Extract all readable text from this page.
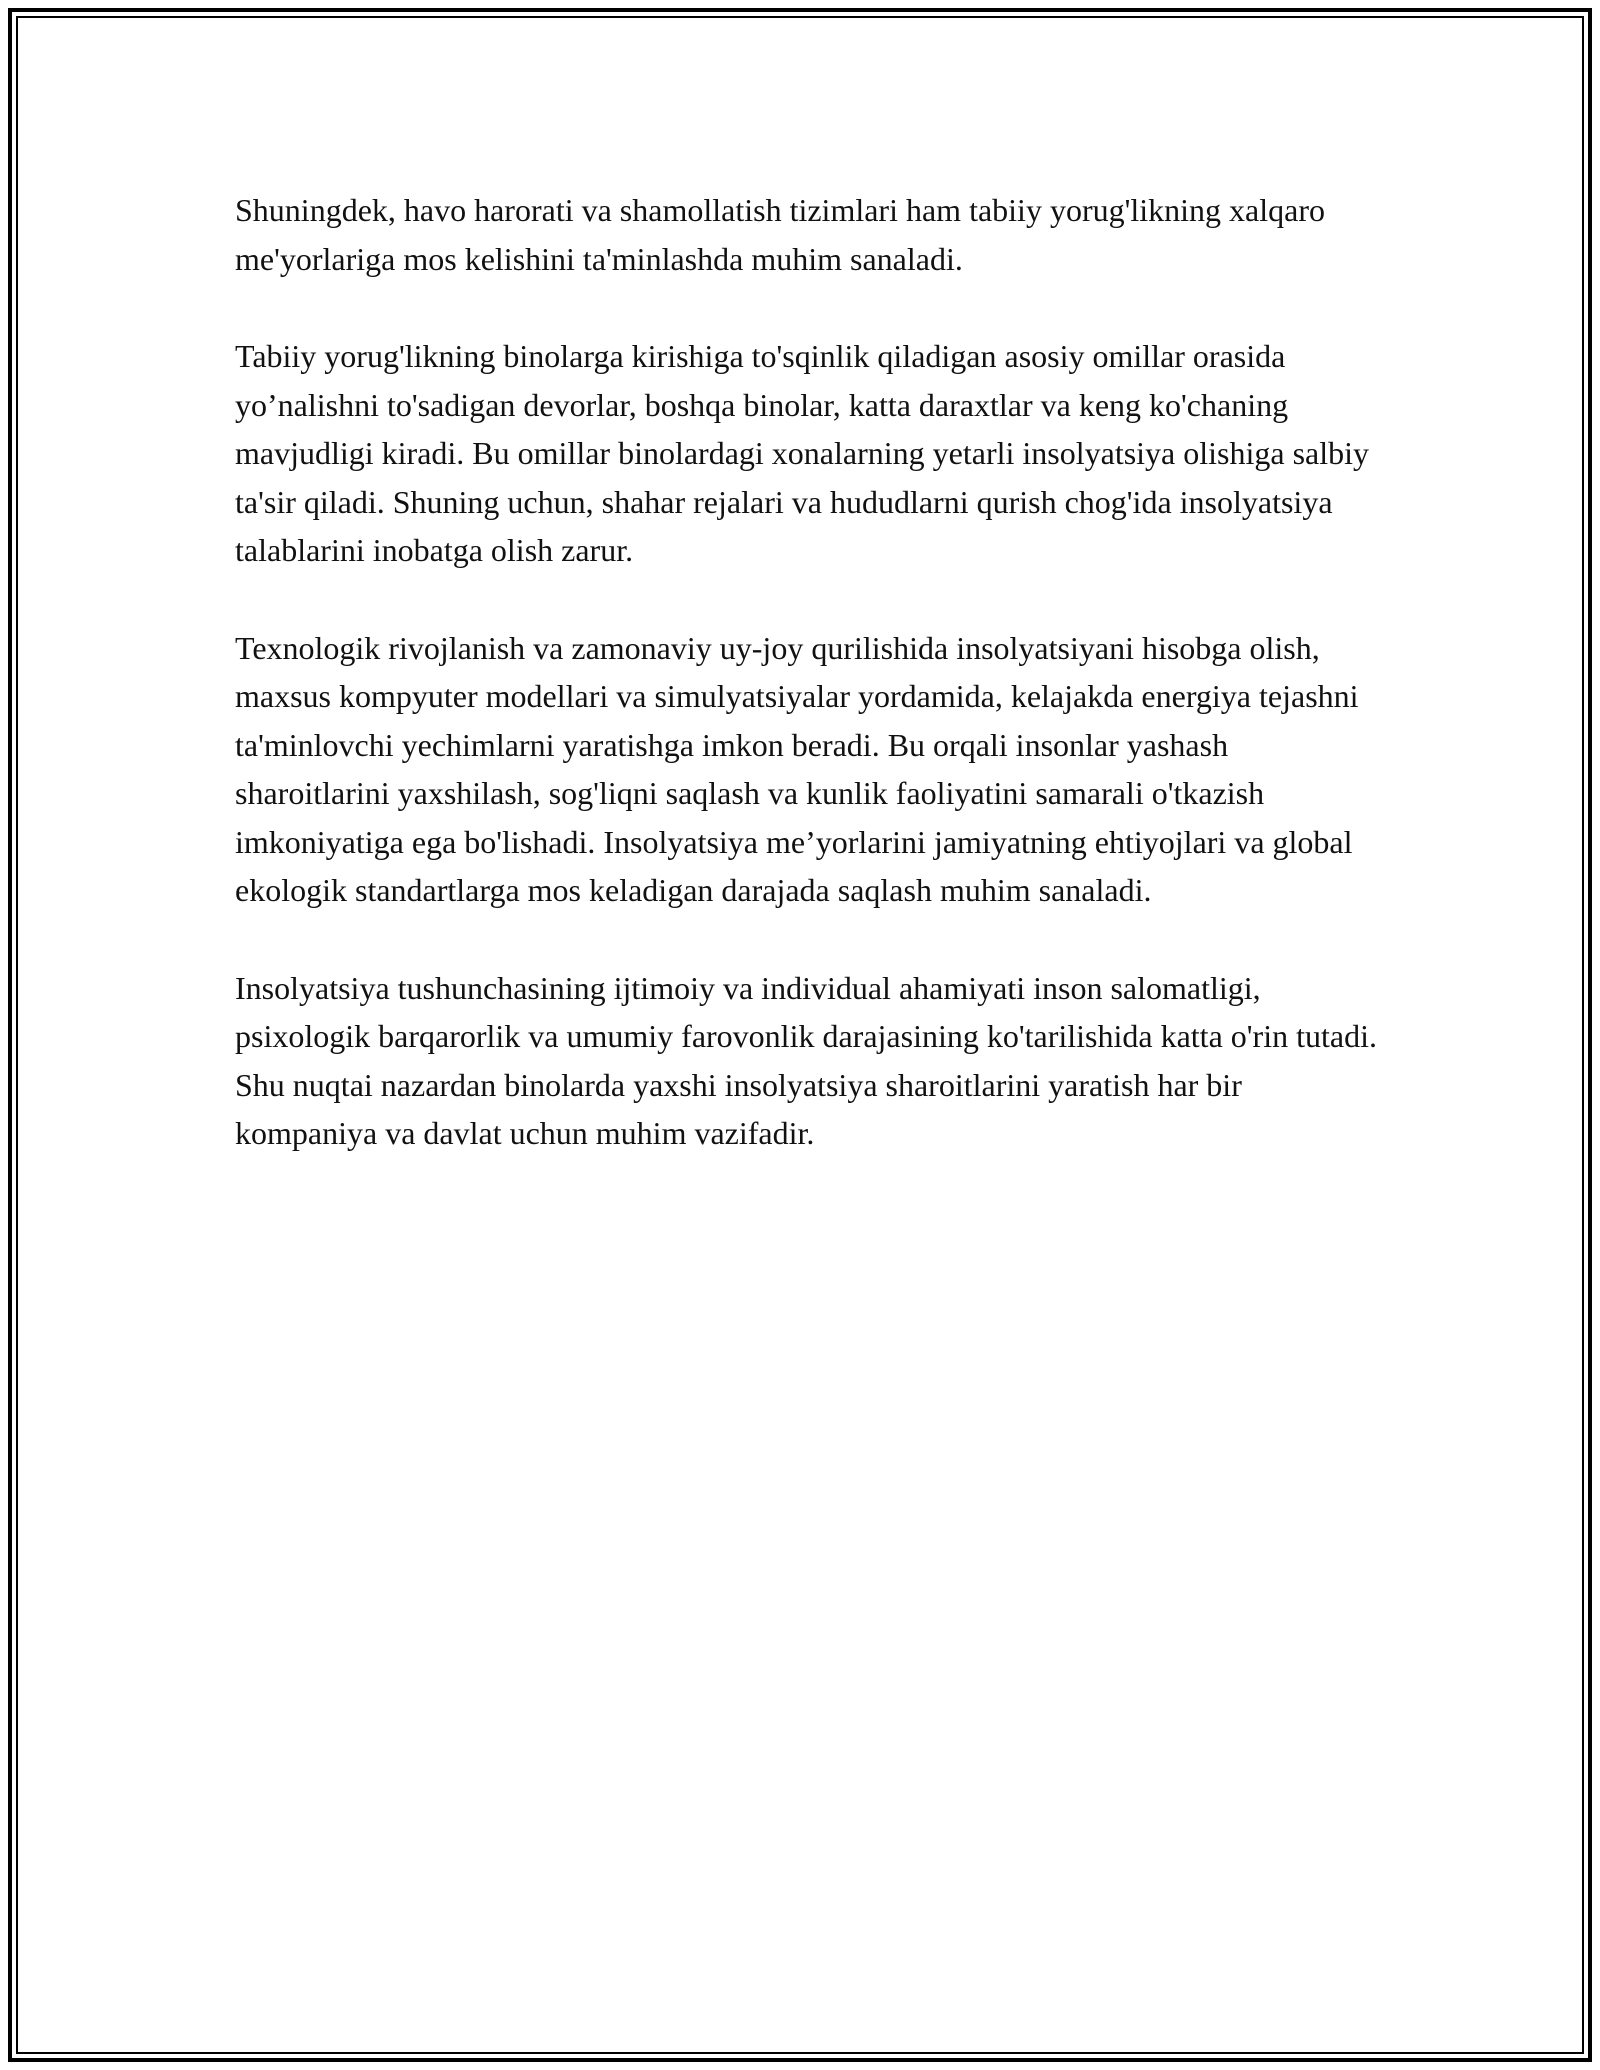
Shuningdek, havo harorati va shamollatish tizimlari ham tabiiy yorug'likning xalqaro me'yorlariga mos kelishini ta'minlashda muhim sanaladi.

Tabiiy yorug'likning binolarga kirishiga to'sqinlik qiladigan asosiy omillar orasida yo’nalishni to'sadigan devorlar, boshqa binolar, katta daraxtlar va keng ko'chaning mavjudligi kiradi. Bu omillar binolardagi xonalarning yetarli insolyatsiya olishiga salbiy ta'sir qiladi. Shuning uchun, shahar rejalari va hududlarni qurish chog'ida insolyatsiya talablarini inobatga olish zarur.

Texnologik rivojlanish va zamonaviy uy-joy qurilishida insolyatsiyani hisobga olish, maxsus kompyuter modellari va simulyatsiyalar yordamida, kelajakda energiya tejashni ta'minlovchi yechimlarni yaratishga imkon beradi. Bu orqali insonlar yashash sharoitlarini yaxshilash, sog'liqni saqlash va kunlik faoliyatini samarali o'tkazish imkoniyatiga ega bo'lishadi. Insolyatsiya me’yorlarini jamiyatning ehtiyojlari va global ekologik standartlarga mos keladigan darajada saqlash muhim sanaladi.

Insolyatsiya tushunchasining ijtimoiy va individual ahamiyati inson salomatligi, psixologik barqarorlik va umumiy farovonlik darajasining ko'tarilishida katta o'rin tutadi. Shu nuqtai nazardan binolarda yaxshi insolyatsiya sharoitlarini yaratish har bir kompaniya va davlat uchun muhim vazifadir.
